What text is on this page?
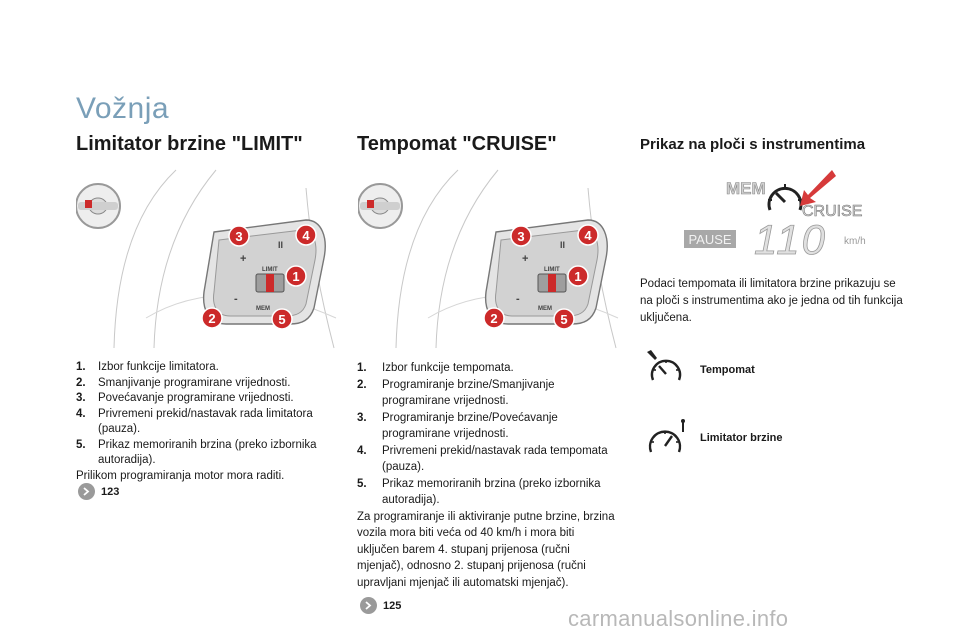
Vožnja
Limitator brzine "LIMIT"	Tempomat "CRUISE"	Prikaz na ploči s instrumentima
+
II
-
MEM
LIMIT
3	4
1
2	5
+
II
-
MEM
LIMIT
3	4
1
2	5
MEM
CRUISE
PAUSE 110 km/h
Podaci tempomata ili limitatora brzine prikazuju se na ploči s instrumentima ako je jedna od tih funkcija uključena.
Tempomat
Limitator brzine
1.	Izbor funkcije limitatora.
2.	Smanjivanje programirane vrijednosti.
3.	Povećavanje programirane vrijednosti.
4.	Privremeni prekid/nastavak rada limitatora (pauza).
5.	Prikaz memoriranih brzina (preko izbornika autoradija).
Prilikom programiranja motor mora raditi.
123
1.	Izbor funkcije tempomata.
2.	Programiranje brzine/Smanjivanje programirane vrijednosti.
3.	Programiranje brzine/Povećavanje programirane vrijednosti.
4.	Privremeni prekid/nastavak rada tempomata (pauza).
5.	Prikaz memoriranih brzina (preko izbornika autoradija).
Za programiranje ili aktiviranje putne brzine, brzina vozila mora biti veća od 40 km/h i mora biti uključen barem 4. stupanj prijenosa (ručni mjenjač), odnosno 2. stupanj prijenosa (ručni upravljani mjenjač ili automatski mjenjač).
125
carmanualsonline.info
